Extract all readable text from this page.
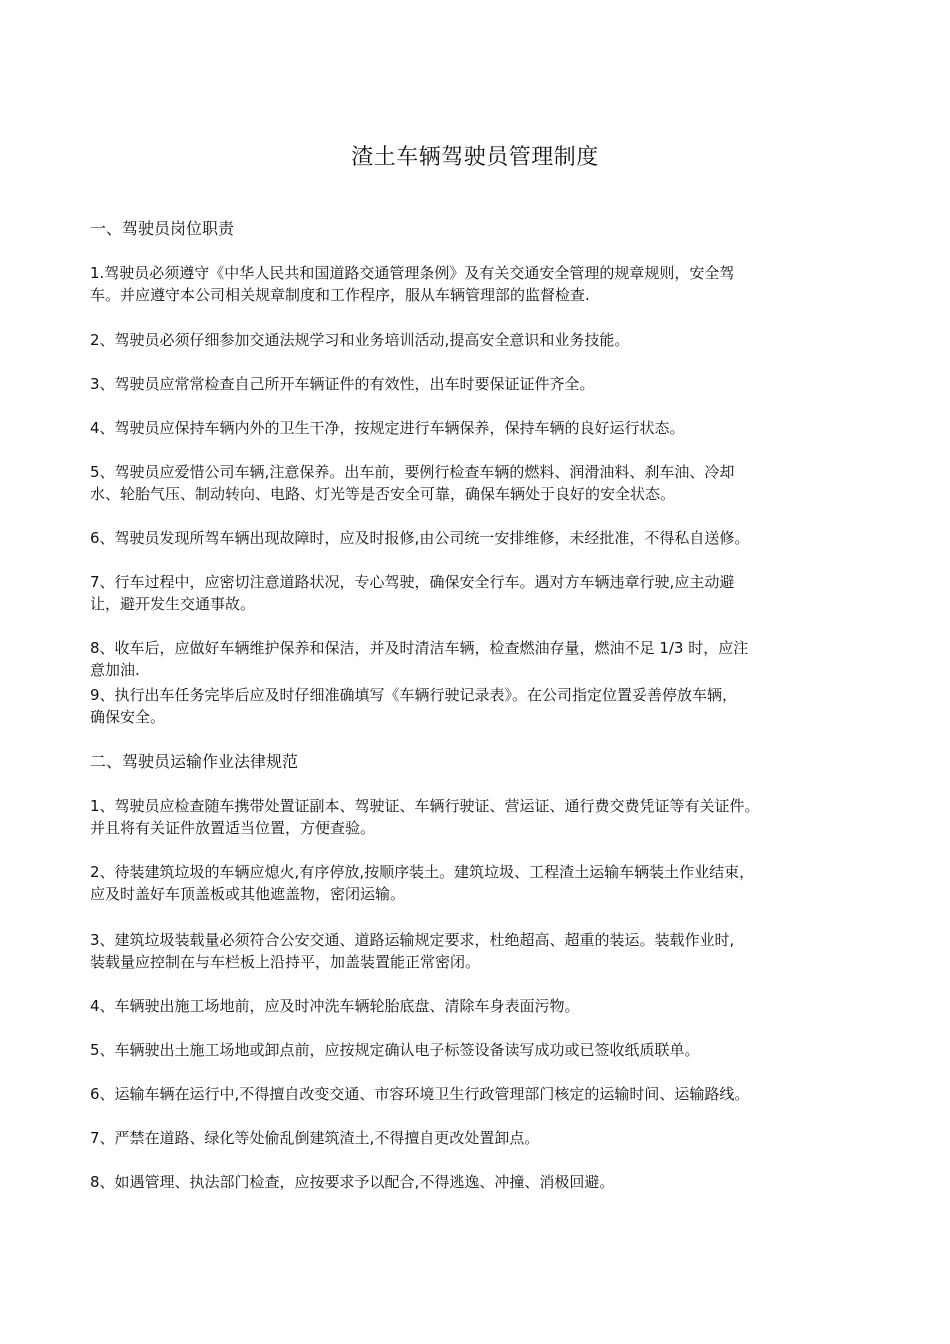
渣土车辆驾驶员管理制度
一、驾驶员岗位职责

1.驾驶员必须遵守《中华人民共和国道路交通管理条例》及有关交通安全管理的规章规则，安全驾
车。并应遵守本公司相关规章制度和工作程序，服从车辆管理部的监督检查.

2、驾驶员必须仔细参加交通法规学习和业务培训活动,提高安全意识和业务技能。

3、驾驶员应常常检查自己所开车辆证件的有效性，出车时要保证证件齐全。

4、驾驶员应保持车辆内外的卫生干净，按规定进行车辆保养，保持车辆的良好运行状态。

5、驾驶员应爱惜公司车辆,注意保养。出车前，要例行检查车辆的燃料、润滑油料、刹车油、冷却
水、轮胎气压、制动转向、电路、灯光等是否安全可靠，确保车辆处于良好的安全状态。

6、驾驶员发现所驾车辆出现故障时，应及时报修,由公司统一安排维修，未经批准，不得私自送修。

7、行车过程中，应密切注意道路状况，专心驾驶，确保安全行车。遇对方车辆违章行驶,应主动避
让，避开发生交通事故。

8、收车后，应做好车辆维护保养和保洁，并及时清洁车辆，检查燃油存量，燃油不足 1/3 时，应注
意加油.

9、执行出车任务完毕后应及时仔细准确填写《车辆行驶记录表》。在公司指定位置妥善停放车辆，
确保安全。

二、驾驶员运输作业法律规范

1、驾驶员应检查随车携带处置证副本、驾驶证、车辆行驶证、营运证、通行费交费凭证等有关证件。
并且将有关证件放置适当位置，方便查验。

2、待装建筑垃圾的车辆应熄火,有序停放,按顺序装土。建筑垃圾、工程渣土运输车辆装土作业结束，
应及时盖好车顶盖板或其他遮盖物，密闭运输。

3、建筑垃圾装载量必须符合公安交通、道路运输规定要求，杜绝超高、超重的装运。装载作业时,
装载量应控制在与车栏板上沿持平，加盖装置能正常密闭。

4、车辆驶出施工场地前，应及时冲洗车辆轮胎底盘、清除车身表面污物。

5、车辆驶出土施工场地或卸点前，应按规定确认电子标签设备读写成功或已签收纸质联单。

6、运输车辆在运行中,不得擅自改变交通、市容环境卫生行政管理部门核定的运输时间、运输路线。

7、严禁在道路、绿化等处偷乱倒建筑渣土,不得擅自更改处置卸点。

8、如遇管理、执法部门检查，应按要求予以配合,不得逃逸、冲撞、消极回避。
